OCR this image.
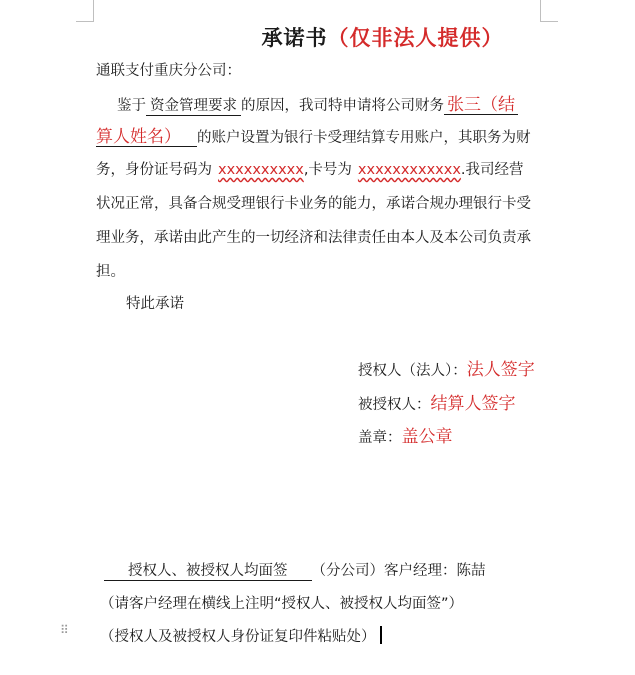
承诺书（仅非法人提供）
通联支付重庆分公司：
鉴于 资金管理要求 的原因，我司特申请将公司财务 张三（结
算人姓名） 的账户设置为银行卡受理结算专用账户，其职务为财
务，身份证号码为 xxxxxxxxxx,卡号为 xxxxxxxxxxxx.我司经营
状况正常，具备合规受理银行卡业务的能力，承诺合规办理银行卡受
理业务，承诺由此产生的一切经济和法律责任由本人及本公司负责承
担。
特此承诺
授权人（法人）：法人签字
被授权人：结算人签字
盖章：盖公章
授权人、被授权人均面签 （分公司）客户经理：陈喆
（请客户经理在横线上注明“授权人、被授权人均面签”）
（授权人及被授权人身份证复印件粘贴处）
⠿
